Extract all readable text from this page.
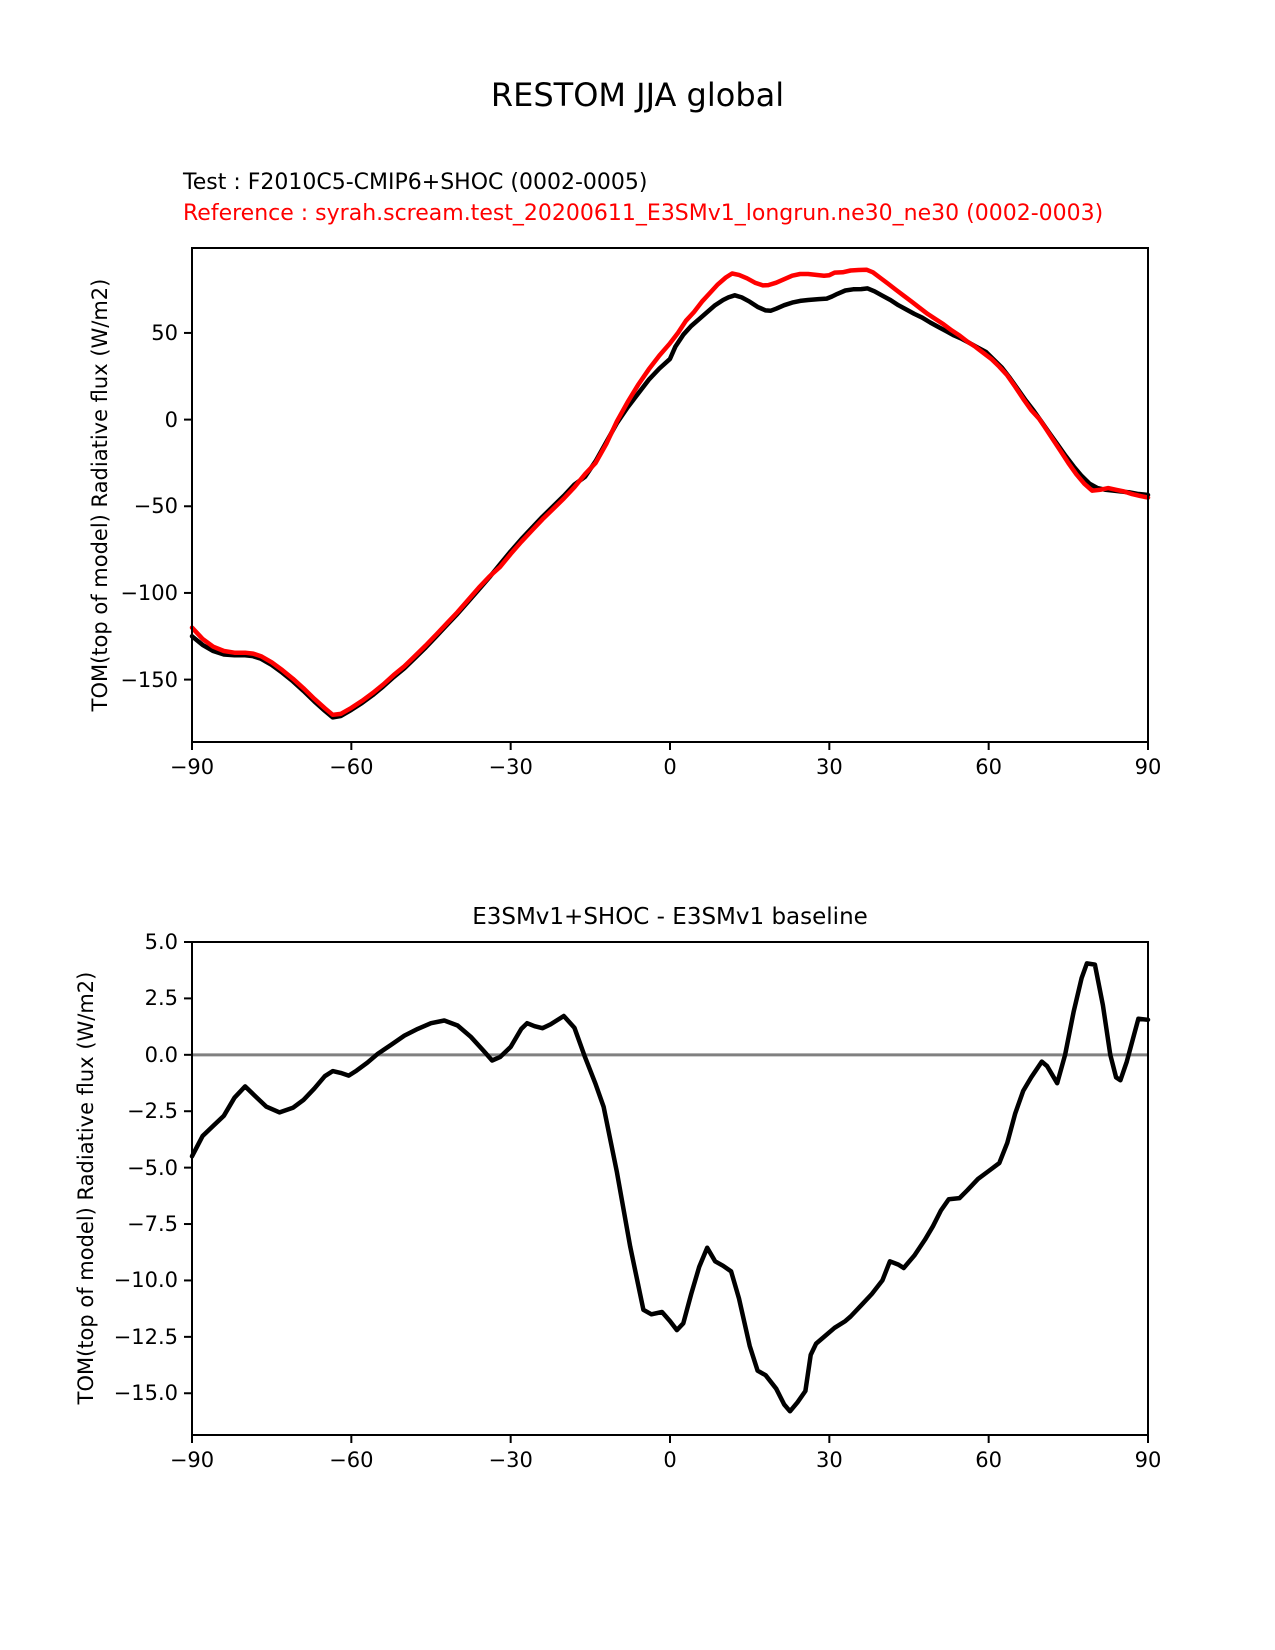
RESTOM JJA global
Test : F2010C5-CMIP6+SHOC (0002-0005)
Reference : syrah.scream.test_20200611_E3SMv1_longrun.ne30_ne30 (0002-0003)
E3SMv1+SHOC - E3SMv1 baseline
TOM(top of model) Radiative flux (W/m2)
TOM(top of model) Radiative flux (W/m2)
−90	−60	−30	0	30	60	90
50
0
−50
−100
−150
−90	−60	−30	0	30	60	90
5.0
2.5
0.0
−2.5
−5.0
−7.5
−10.0
−12.5
−15.0
